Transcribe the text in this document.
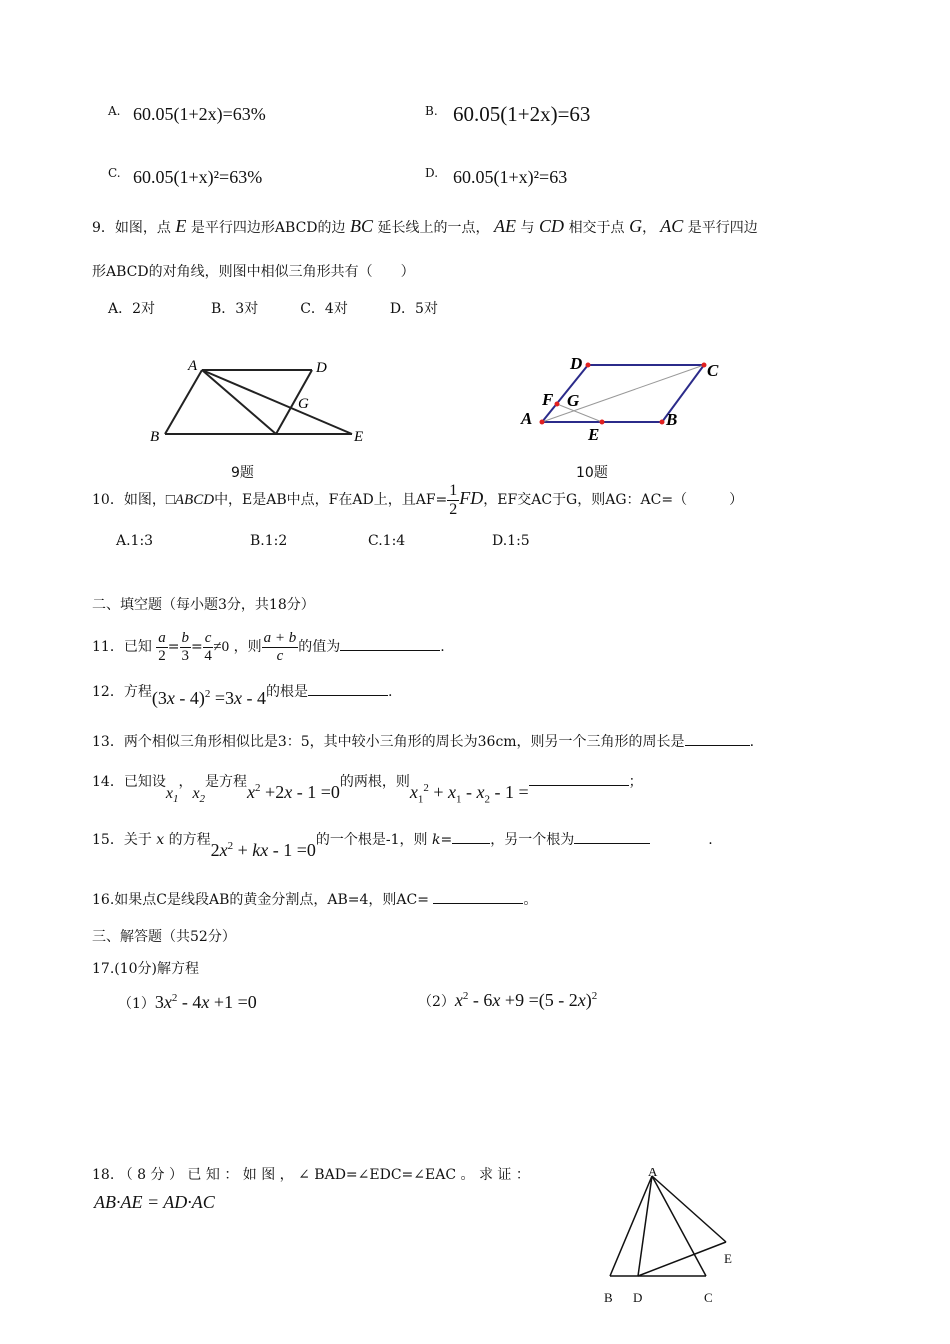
A. 60.05(1+2x)=63%	B. 60.05(1+2x)=63
C. 60.05(1+x)²=63%	D. 60.05(1+x)²=63
9．如图，点 E 是平行四边形ABCD的边 BC 延长线上的一点， AE 与 CD 相交于点 G， AC 是平行四边
形ABCD的对角线，则图中相似三角形共有（　　）
A．2对　　　　B．3对　　　C．4对　　　D．5对
A	D
B
G
E
9题
D	C
F G
A
E
B
10题
10．如图，□ABCD中，E是AB中点，F在AD上，且$AF= \frac{1}{2}$ FD，EF交AC于G，则AG：AC=（　　　）
A.1:3	B.1:2	C.1:4	D.1:5
二、填空题（每小题3分，共18分）
11．已知 $\frac{a}{2} = \frac{b}{3} = \frac{c}{4} \ne 0$ ，则 $\frac{a + b}{c}$ 的值为	.
12．方程(3x - 4)$^2$ =3x - 4的根是	.
13．两个相似三角形相似比是3：5，其中较小三角形的周长为36cm，则另一个三角形的周长是	.
14．已知设$x_1$，$x_2$是方程$x^2 +2x - 1 =0$的两根，则$x_1^2 + x_1 - x_2 - 1$ =	；
15．关于 x 的方程$2x^2$ + kx - 1 =0的一个根是-1，则 k=	，另一个根为	.
16.如果点C是线段AB的黄金分割点，AB=4，则AC=	。
三、解答题（共52分）
17.(10分)解方程
$(1)3x^2 - 4x +1 =0$	$(2)x^2 - 6x +9 =(5 - 2x)^2$
18. （ 8 分 ） 已 知 ： 如 图 ， ∠ BAD=∠EDC=∠EAC 。 求 证 ：
AB·AE = AD·AC
A
E
B D	C
